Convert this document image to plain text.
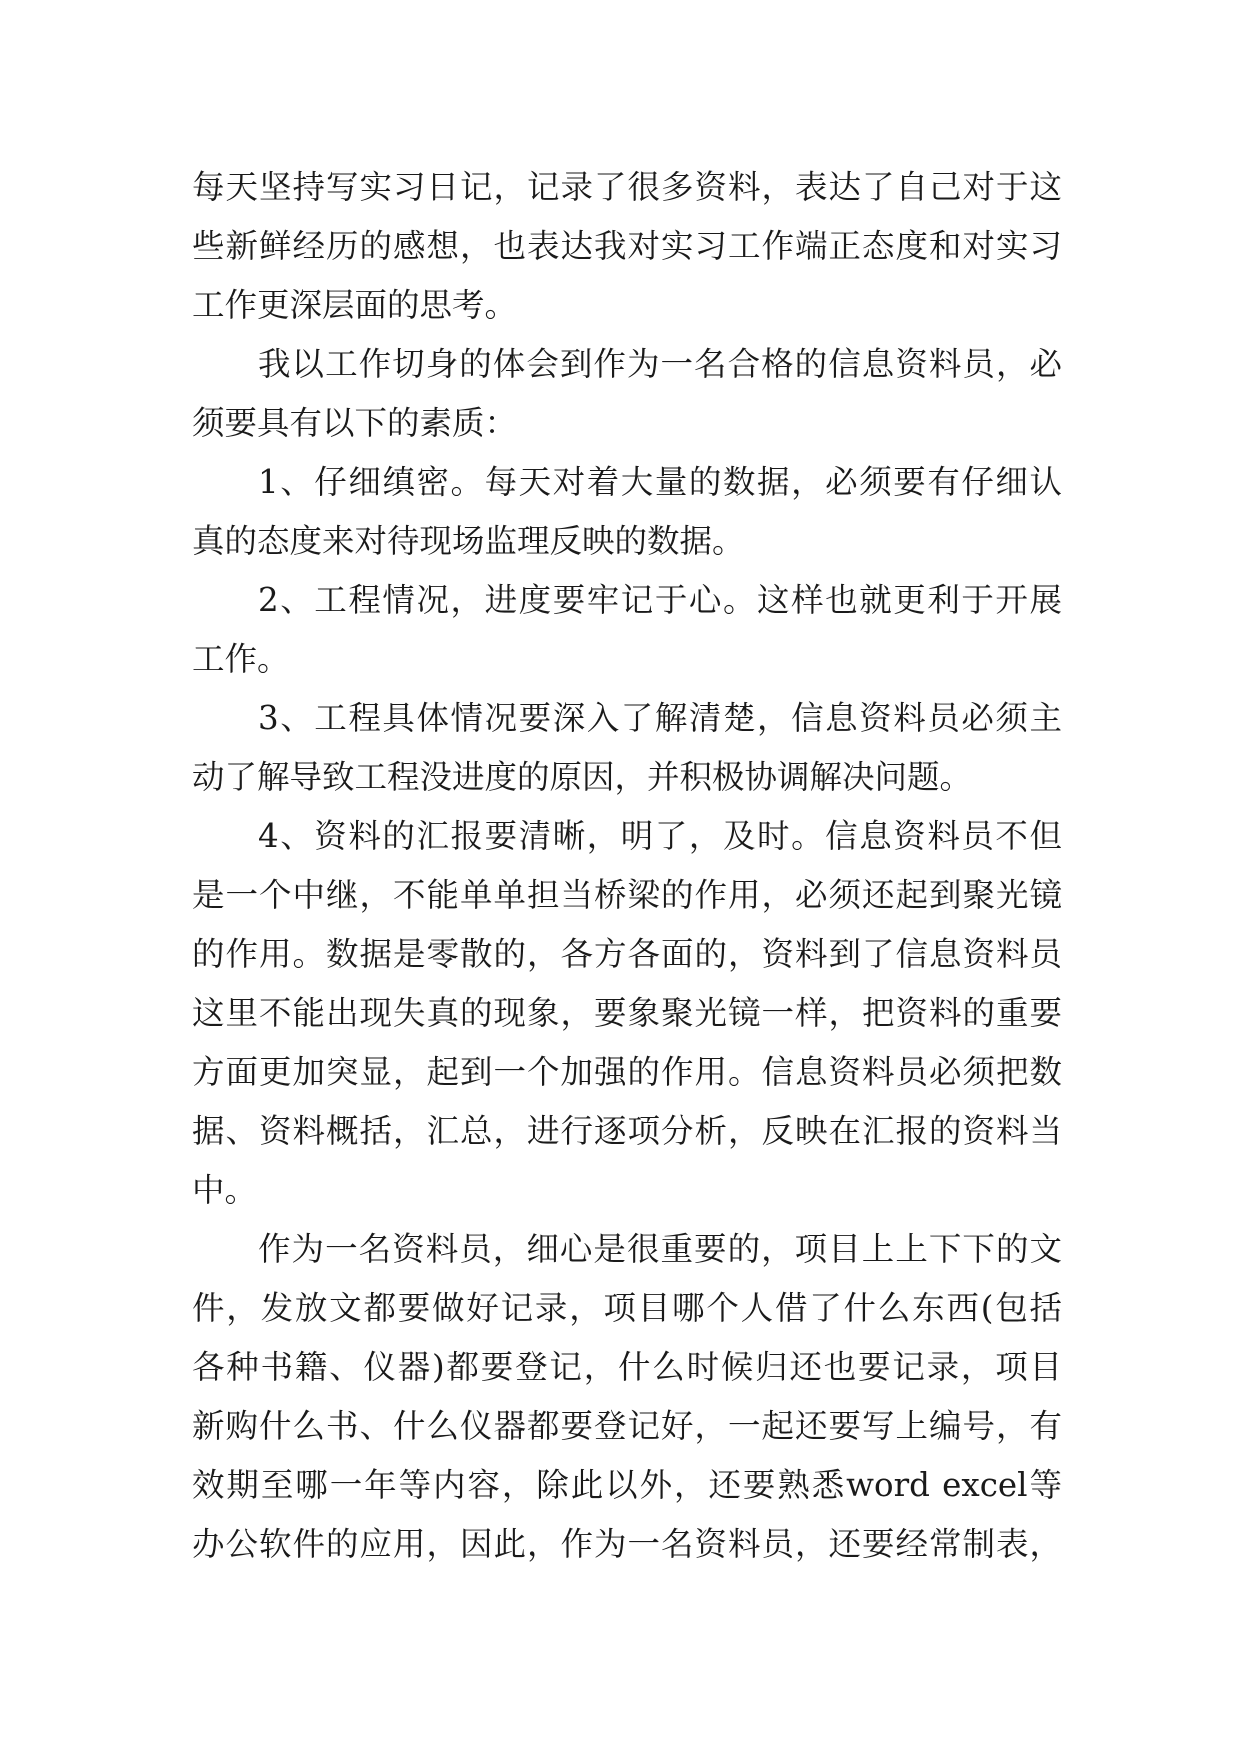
每天坚持写实习日记，记录了很多资料，表达了自己对于这
些新鲜经历的感想，也表达我对实习工作端正态度和对实习
工作更深层面的思考。
我以工作切身的体会到作为一名合格的信息资料员，必
须要具有以下的素质：
1、仔细缜密。每天对着大量的数据，必须要有仔细认
真的态度来对待现场监理反映的数据。
2、工程情况，进度要牢记于心。这样也就更利于开展
工作。
3、工程具体情况要深入了解清楚，信息资料员必须主
动了解导致工程没进度的原因，并积极协调解决问题。
4、资料的汇报要清晰，明了，及时。信息资料员不但
是一个中继，不能单单担当桥梁的作用，必须还起到聚光镜
的作用。数据是零散的，各方各面的，资料到了信息资料员
这里不能出现失真的现象，要象聚光镜一样，把资料的重要
方面更加突显，起到一个加强的作用。信息资料员必须把数
据、资料概括，汇总，进行逐项分析，反映在汇报的资料当
中。
作为一名资料员，细心是很重要的，项目上上下下的文
件，发放文都要做好记录，项目哪个人借了什么东西(包括
各种书籍、仪器)都要登记，什么时候归还也要记录，项目
新购什么书、什么仪器都要登记好，一起还要写上编号，有
效期至哪一年等内容，除此以外，还要熟悉word excel等
办公软件的应用，因此，作为一名资料员，还要经常制表，
